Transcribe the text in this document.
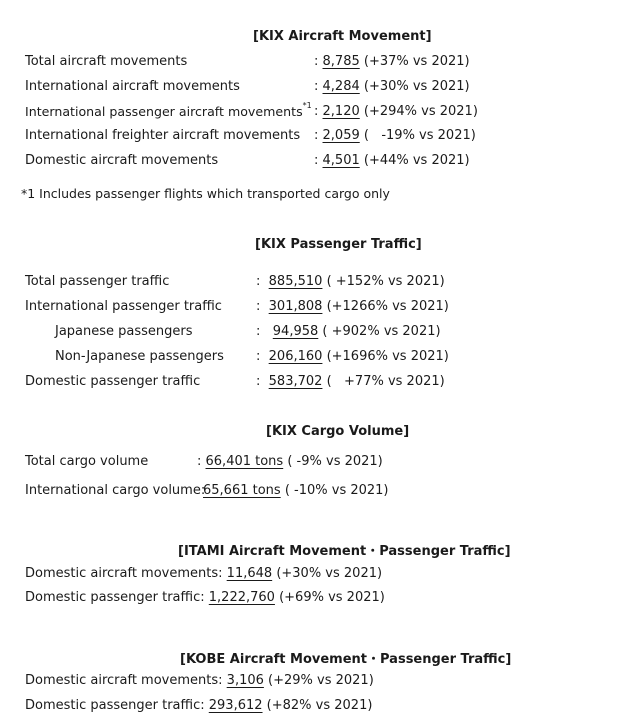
[KIX Aircraft Movement]
Total aircraft movements	: 8,785 (+37% vs 2021)
International aircraft movements	: 4,284 (+30% vs 2021)
International passenger aircraft movements$^{*1}$ : 2,120 (+294% vs 2021)
International freighter aircraft movements : 2,059 (   -19% vs 2021)
Domestic aircraft movements	: 4,501 (+44% vs 2021)
*1 Includes passenger flights which transported cargo only
[KIX Passenger Traffic]
Total passenger traffic	:  885,510 ( +152% vs 2021)
International passenger traffic	:  301,808 (+1266% vs 2021)
Japanese passengers	:   94,958 ( +902% vs 2021)
Non-Japanese passengers :  206,160 (+1696% vs 2021)
Domestic passenger traffic	:  583,702 (   +77% vs 2021)
[KIX Cargo Volume]
Total cargo volume	: 66,401 tons ( -9% vs 2021)
International cargo volume:
65,661 tons ( -10% vs 2021)
[ITAMI Aircraft Movement・Passenger Traffic]
Domestic aircraft movements: 11,648 (+30% vs 2021)
Domestic passenger traffic: 1,222,760 (+69% vs 2021)
[KOBE Aircraft Movement・Passenger Traffic]
Domestic aircraft movements: 3,106 (+29% vs 2021)
Domestic passenger traffic: 293,612 (+82% vs 2021)
